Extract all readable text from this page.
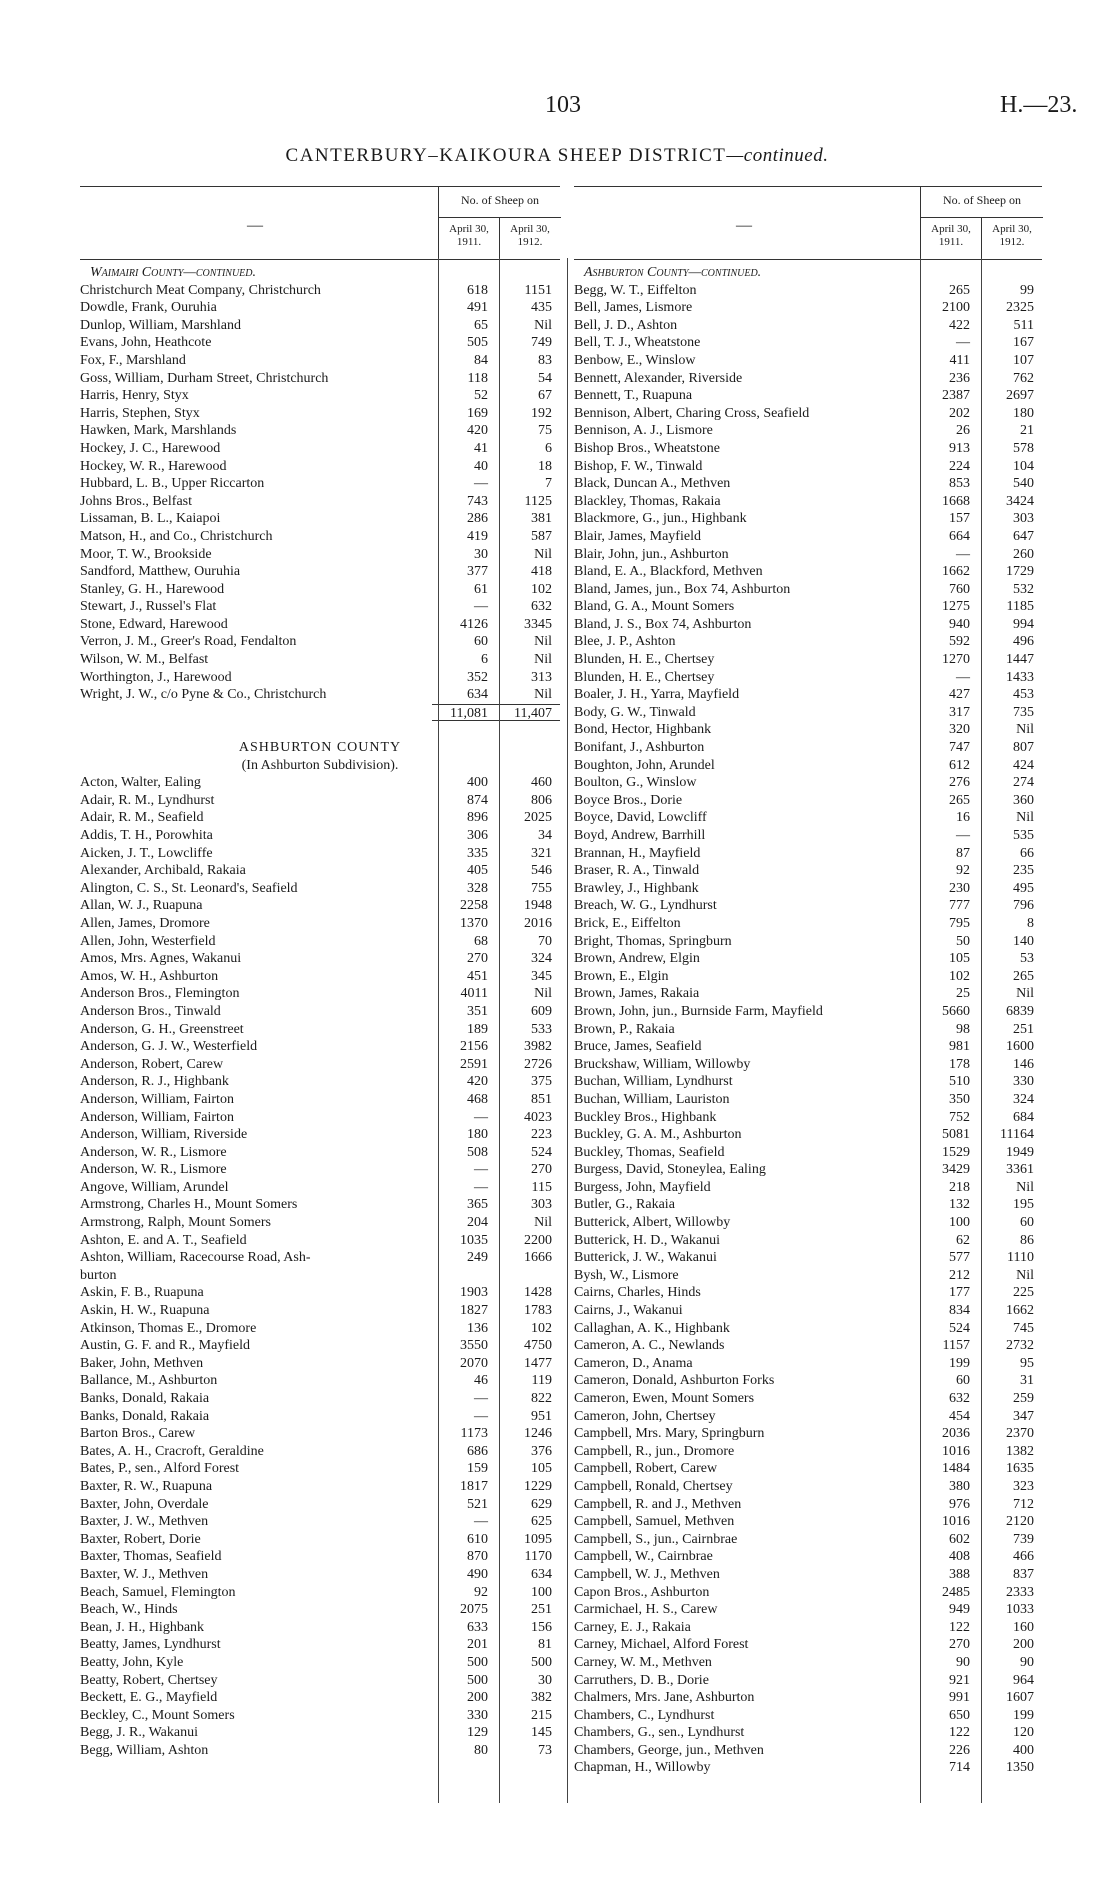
103	H.—23.
CANTERBURY–KAIKOURA SHEEP DISTRICT—continued.
—
No. of Sheep on
April 30, 1911.
April 30, 1912.
Waimairi County—continued.
Christchurch Meat Company, Christchurch	618	1151
Dowdle, Frank, Ouruhia	491	435
Dunlop, William, Marshland	65	Nil
Evans, John, Heathcote	505	749
Fox, F., Marshland	84	83
Goss, William, Durham Street, Christchurch	118	54
Harris, Henry, Styx	52	67
Harris, Stephen, Styx	169	192
Hawken, Mark, Marshlands	420	75
Hockey, J. C., Harewood	41	6
Hockey, W. R., Harewood	40	18
Hubbard, L. B., Upper Riccarton	—	7
Johns Bros., Belfast	743	1125
Lissaman, B. L., Kaiapoi	286	381
Matson, H., and Co., Christchurch	419	587
Moor, T. W., Brookside	30	Nil
Sandford, Matthew, Ouruhia	377	418
Stanley, G. H., Harewood	61	102
Stewart, J., Russel's Flat	—	632
Stone, Edward, Harewood	4126	3345
Verron, J. M., Greer's Road, Fendalton	60	Nil
Wilson, W. M., Belfast	6	Nil
Worthington, J., Harewood	352	313
Wright, J. W., c/o Pyne & Co., Christchurch	634	Nil
11,081	11,407
ASHBURTON COUNTY
(In Ashburton Subdivision).
Acton, Walter, Ealing	400	460
Adair, R. M., Lyndhurst	874	806
Adair, R. M., Seafield	896	2025
Addis, T. H., Porowhita	306	34
Aicken, J. T., Lowcliffe	335	321
Alexander, Archibald, Rakaia	405	546
Alington, C. S., St. Leonard's, Seafield	328	755
Allan, W. J., Ruapuna	2258	1948
Allen, James, Dromore	1370	2016
Allen, John, Westerfield	68	70
Amos, Mrs. Agnes, Wakanui	270	324
Amos, W. H., Ashburton	451	345
Anderson Bros., Flemington	4011	Nil
Anderson Bros., Tinwald	351	609
Anderson, G. H., Greenstreet	189	533
Anderson, G. J. W., Westerfield	2156	3982
Anderson, Robert, Carew	2591	2726
Anderson, R. J., Highbank	420	375
Anderson, William, Fairton	468	851
Anderson, William, Fairton	—	4023
Anderson, William, Riverside	180	223
Anderson, W. R., Lismore	508	524
Anderson, W. R., Lismore	—	270
Angove, William, Arundel	—	115
Armstrong, Charles H., Mount Somers	365	303
Armstrong, Ralph, Mount Somers	204	Nil
Ashton, E. and A. T., Seafield	1035	2200
Ashton, William, Racecourse Road, Ash-	249	1666
burton
Askin, F. B., Ruapuna	1903	1428
Askin, H. W., Ruapuna	1827	1783
Atkinson, Thomas E., Dromore	136	102
Austin, G. F. and R., Mayfield	3550	4750
Baker, John, Methven	2070	1477
Ballance, M., Ashburton	46	119
Banks, Donald, Rakaia	—	822
Banks, Donald, Rakaia	—	951
Barton Bros., Carew	1173	1246
Bates, A. H., Cracroft, Geraldine	686	376
Bates, P., sen., Alford Forest	159	105
Baxter, R. W., Ruapuna	1817	1229
Baxter, John, Overdale	521	629
Baxter, J. W., Methven	—	625
Baxter, Robert, Dorie	610	1095
Baxter, Thomas, Seafield	870	1170
Baxter, W. J., Methven	490	634
Beach, Samuel, Flemington	92	100
Beach, W., Hinds	2075	251
Bean, J. H., Highbank	633	156
Beatty, James, Lyndhurst	201	81
Beatty, John, Kyle	500	500
Beatty, Robert, Chertsey	500	30
Beckett, E. G., Mayfield	200	382
Beckley, C., Mount Somers	330	215
Begg, J. R., Wakanui	129	145
Begg, William, Ashton	80	73
—
No. of Sheep on
April 30, 1911.
April 30, 1912.
Ashburton County—continued.
Begg, W. T., Eiffelton	265	99
Bell, James, Lismore	2100	2325
Bell, J. D., Ashton	422	511
Bell, T. J., Wheatstone	—	167
Benbow, E., Winslow	411	107
Bennett, Alexander, Riverside	236	762
Bennett, T., Ruapuna	2387	2697
Bennison, Albert, Charing Cross, Seafield	202	180
Bennison, A. J., Lismore	26	21
Bishop Bros., Wheatstone	913	578
Bishop, F. W., Tinwald	224	104
Black, Duncan A., Methven	853	540
Blackley, Thomas, Rakaia	1668	3424
Blackmore, G., jun., Highbank	157	303
Blair, James, Mayfield	664	647
Blair, John, jun., Ashburton	—	260
Bland, E. A., Blackford, Methven	1662	1729
Bland, James, jun., Box 74, Ashburton	760	532
Bland, G. A., Mount Somers	1275	1185
Bland, J. S., Box 74, Ashburton	940	994
Blee, J. P., Ashton	592	496
Blunden, H. E., Chertsey	1270	1447
Blunden, H. E., Chertsey	—	1433
Boaler, J. H., Yarra, Mayfield	427	453
Body, G. W., Tinwald	317	735
Bond, Hector, Highbank	320	Nil
Bonifant, J., Ashburton	747	807
Boughton, John, Arundel	612	424
Boulton, G., Winslow	276	274
Boyce Bros., Dorie	265	360
Boyce, David, Lowcliff	16	Nil
Boyd, Andrew, Barrhill	—	535
Brannan, H., Mayfield	87	66
Braser, R. A., Tinwald	92	235
Brawley, J., Highbank	230	495
Breach, W. G., Lyndhurst	777	796
Brick, E., Eiffelton	795	8
Bright, Thomas, Springburn	50	140
Brown, Andrew, Elgin	105	53
Brown, E., Elgin	102	265
Brown, James, Rakaia	25	Nil
Brown, John, jun., Burnside Farm, Mayfield	5660	6839
Brown, P., Rakaia	98	251
Bruce, James, Seafield	981	1600
Bruckshaw, William, Willowby	178	146
Buchan, William, Lyndhurst	510	330
Buchan, William, Lauriston	350	324
Buckley Bros., Highbank	752	684
Buckley, G. A. M., Ashburton	5081	11164
Buckley, Thomas, Seafield	1529	1949
Burgess, David, Stoneylea, Ealing	3429	3361
Burgess, John, Mayfield	218	Nil
Butler, G., Rakaia	132	195
Butterick, Albert, Willowby	100	60
Butterick, H. D., Wakanui	62	86
Butterick, J. W., Wakanui	577	1110
Bysh, W., Lismore	212	Nil
Cairns, Charles, Hinds	177	225
Cairns, J., Wakanui	834	1662
Callaghan, A. K., Highbank	524	745
Cameron, A. C., Newlands	1157	2732
Cameron, D., Anama	199	95
Cameron, Donald, Ashburton Forks	60	31
Cameron, Ewen, Mount Somers	632	259
Cameron, John, Chertsey	454	347
Campbell, Mrs. Mary, Springburn	2036	2370
Campbell, R., jun., Dromore	1016	1382
Campbell, Robert, Carew	1484	1635
Campbell, Ronald, Chertsey	380	323
Campbell, R. and J., Methven	976	712
Campbell, Samuel, Methven	1016	2120
Campbell, S., jun., Cairnbrae	602	739
Campbell, W., Cairnbrae	408	466
Campbell, W. J., Methven	388	837
Capon Bros., Ashburton	2485	2333
Carmichael, H. S., Carew	949	1033
Carney, E. J., Rakaia	122	160
Carney, Michael, Alford Forest	270	200
Carney, W. M., Methven	90	90
Carruthers, D. B., Dorie	921	964
Chalmers, Mrs. Jane, Ashburton	991	1607
Chambers, C., Lyndhurst	650	199
Chambers, G., sen., Lyndhurst	122	120
Chambers, George, jun., Methven	226	400
Chapman, H., Willowby	714	1350
